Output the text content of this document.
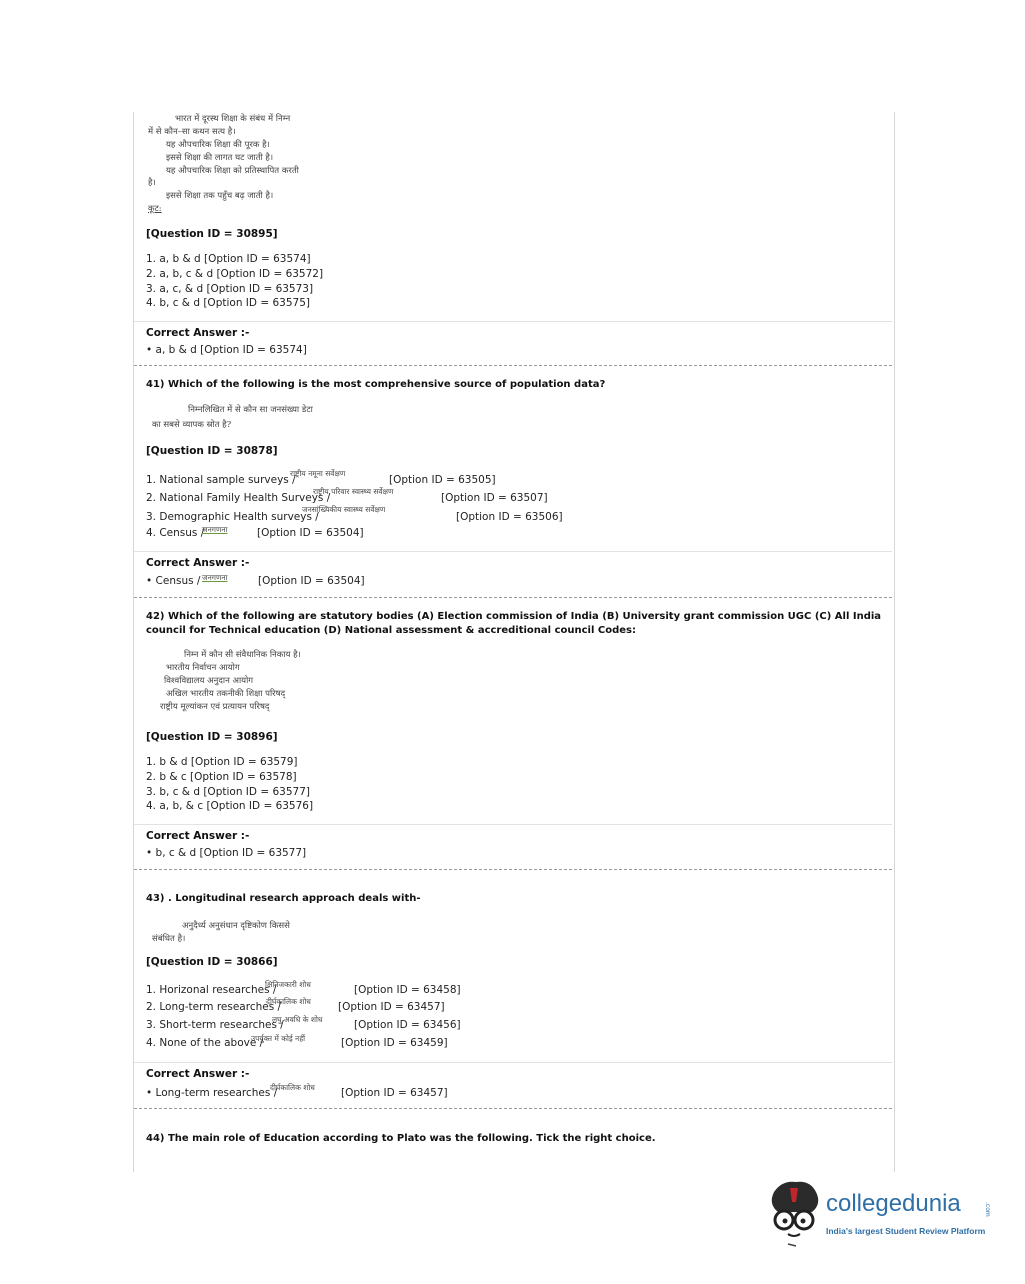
भारत में दूरस्थ शिक्षा के संबंध में निम्न
में से कौन–सा कथन सत्य है।
यह औपचारिक शिक्षा की पूरक है।
इससे शिक्षा की लागत घट जाती है।
यह औपचारिक शिक्षा को प्रतिस्थापित करती
है।
इससे शिक्षा तक पहुँच बढ़ जाती है।
कूट:
[Question ID = 30895]
1. a, b & d [Option ID = 63574]
2. a, b, c & d [Option ID = 63572]
3. a, c, & d [Option ID = 63573]
4. b, c & d [Option ID = 63575]
Correct Answer :-
• a, b & d [Option ID = 63574]
41) Which of the following is the most comprehensive source of population data?
निम्नलिखित में से कौन सा जनसंख्या डेटा
का सबसे व्यापक स्रोत है?
[Question ID = 30878]
1. National sample surveys /
राष्ट्रीय नमूना सर्वेक्षण
[Option ID = 63505]
2. National Family Health Surveys /
राष्ट्रीय परिवार स्वास्थ्य सर्वेक्षण
[Option ID = 63507]
3. Demographic Health surveys /
जनसांख्यिकीय स्वास्थ्य सर्वेक्षण
[Option ID = 63506]
4. Census /
जनगणना	[Option ID = 63504]
Correct Answer :-
• Census / जनगणना	[Option ID = 63504]
42) Which of the following are statutory bodies (A) Election commission of India (B) University grant commission UGC (C) All India
council for Technical education (D) National assessment & accreditional council Codes:
निम्न में कौन सी संवैधानिक निकाय है।
भारतीय निर्वाचन आयोग
विश्वविद्यालय अनुदान आयोग
अखिल भारतीय तकनीकी शिक्षा परिषद्
राष्ट्रीय मूल्यांकन एवं प्रत्यायन परिषद्
[Question ID = 30896]
1. b & d [Option ID = 63579]
2. b & c [Option ID = 63578]
3. b, c & d [Option ID = 63577]
4. a, b, & c [Option ID = 63576]
Correct Answer :-
• b, c & d [Option ID = 63577]
43) . Longitudinal research approach deals with-
अनुदैर्ध्य अनुसंधान दृष्टिकोण किससे
संबंधित है।
[Question ID = 30866]
1. Horizonal researches /
क्षितिजकारी शोध	[Option ID = 63458]
2. Long-term researches /
दीर्घकालिक शोध	[Option ID = 63457]
3. Short-term researches /
लघु अवधि के शोध	[Option ID = 63456]
4. None of the above /
उपर्युक्त में कोई नहीं	[Option ID = 63459]
Correct Answer :-
• Long-term researches /
दीर्घकालिक शोध [Option ID = 63457]
44) The main role of Education according to Plato was the following. Tick the right choice.
collegedunia	.com
India's largest Student Review Platform
